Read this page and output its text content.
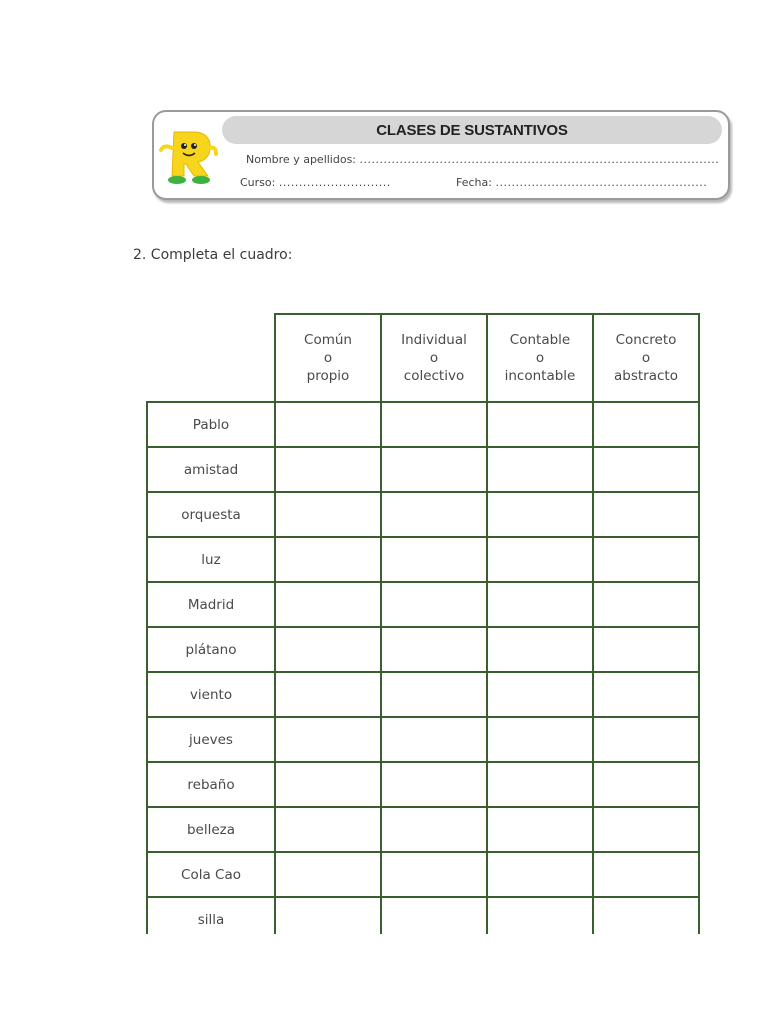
CLASES DE SUSTANTIVOS
Nombre y apellidos: ..........................................................................................
Curso: ............................	Fecha: .....................................................
2. Completa el cuadro:

	Común
o
propio	Individual
o
colectivo	Contable
o
incontable	Concreto
o
abstracto

Pablo				
amistad				
orquesta				
luz				
Madrid				
plátano				
viento				
jueves				
rebaño				
belleza				
Cola Cao				
silla				
